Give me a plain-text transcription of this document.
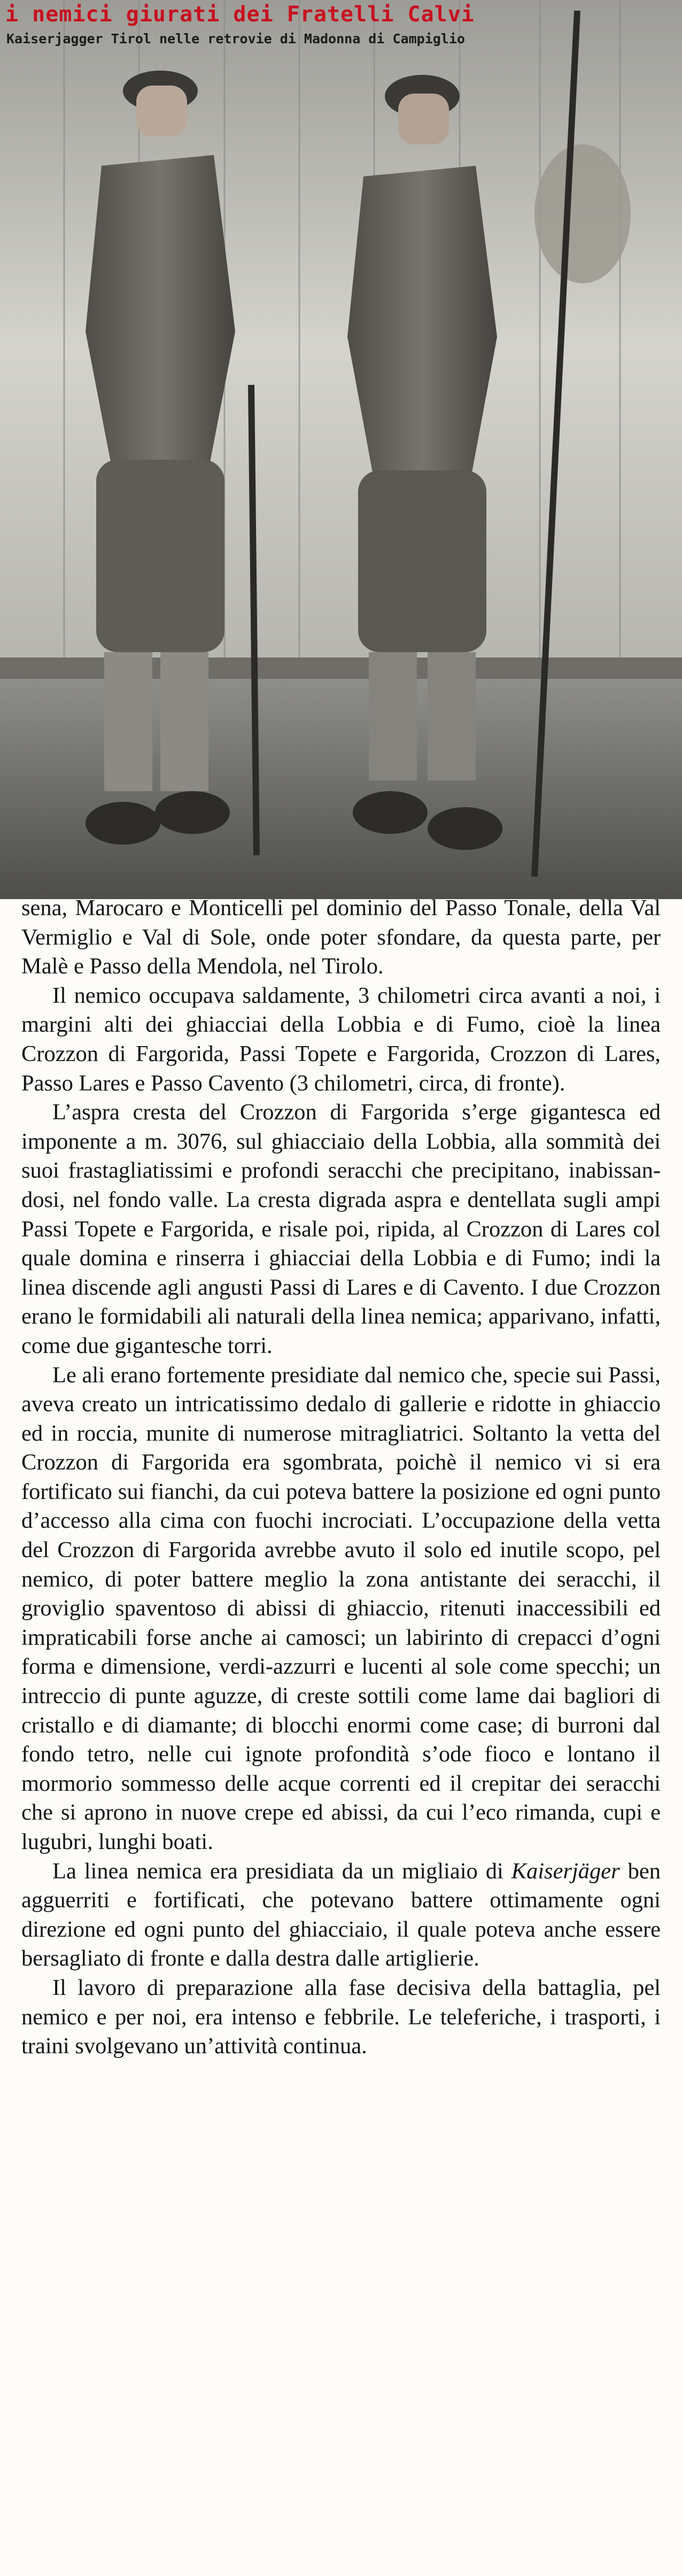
i nemici giurati dei Fratelli Calvi
Kaiserjagger Tirol nelle retrovie di Madonna di Campiglio

sena, Marocaro e Monticelli pel dominio del Passo Tonale, della Val Vermiglio e Val di Sole, onde poter sfondare, da questa parte, per Malè e Passo della Mendola, nel Tirolo.

Il nemico occupava saldamente, 3 chilometri circa avanti a noi, i margini alti dei ghiacciai della Lobbia e di Fumo, cioè la linea Crozzon di Fargorida, Passi Topete e Fargorida, Crozzon di Lares, Passo Lares e Passo Cavento (3 chilometri, circa, di fronte).

L’aspra cresta del Crozzon di Fargorida s’erge gigantesca ed imponente a m. 3076, sul ghiacciaio della Lobbia, alla sommità dei suoi frastagliatissimi e profondi seracchi che precipitano, inabissandosi, nel fondo valle. La cresta digrada aspra e dentellata sugli ampi Passi Topete e Fargorida, e risale poi, ripida, al Crozzon di Lares col quale domina e rinserra i ghiacciai della Lobbia e di Fumo; indi la linea discende agli angusti Passi di Lares e di Cavento. I due Crozzon erano le formidabili ali naturali della linea nemica; apparivano, infatti, come due gigantesche torri.

Le ali erano fortemente presidiate dal nemico che, specie sui Passi, aveva creato un intricatissimo dedalo di gallerie e ridotte in ghiaccio ed in roccia, munite di numerose mitragliatrici. Soltanto la vetta del Crozzon di Fargorida era sgombrata, poichè il nemico vi si era fortificato sui fianchi, da cui poteva battere la posizione ed ogni punto d’accesso alla cima con fuochi incrociati. L’occupazione della vetta del Crozzon di Fargorida avrebbe avuto il solo ed inutile scopo, pel nemico, di poter battere meglio la zona antistante dei seracchi, il groviglio spaventoso di abissi di ghiaccio, ritenuti inaccessibili ed impraticabili forse anche ai camosci; un labirinto di crepacci d’ogni forma e dimensione, verdi-azzurri e lucenti al sole come specchi; un intreccio di punte aguzze, di creste sottili come lame dai bagliori di cristallo e di diamante; di blocchi enormi come case; di burroni dal fondo tetro, nelle cui ignote profondità s’ode fioco e lontano il mormorio sommesso delle acque correnti ed il crepitar dei seracchi che si aprono in nuove crepe ed abissi, da cui l’eco rimanda, cupi e lugubri, lunghi boati.

La linea nemica era presidiata da un migliaio di Kaiserjäger ben agguerriti e fortificati, che potevano battere ottimamente ogni direzione ed ogni punto del ghiacciaio, il quale poteva anche essere bersagliato di fronte e dalla destra dalle artiglierie.

Il lavoro di preparazione alla fase decisiva della battaglia, pel nemico e per noi, era intenso e febbrile. Le teleferiche, i trasporti, i traini svolgevano un’attività continua.
